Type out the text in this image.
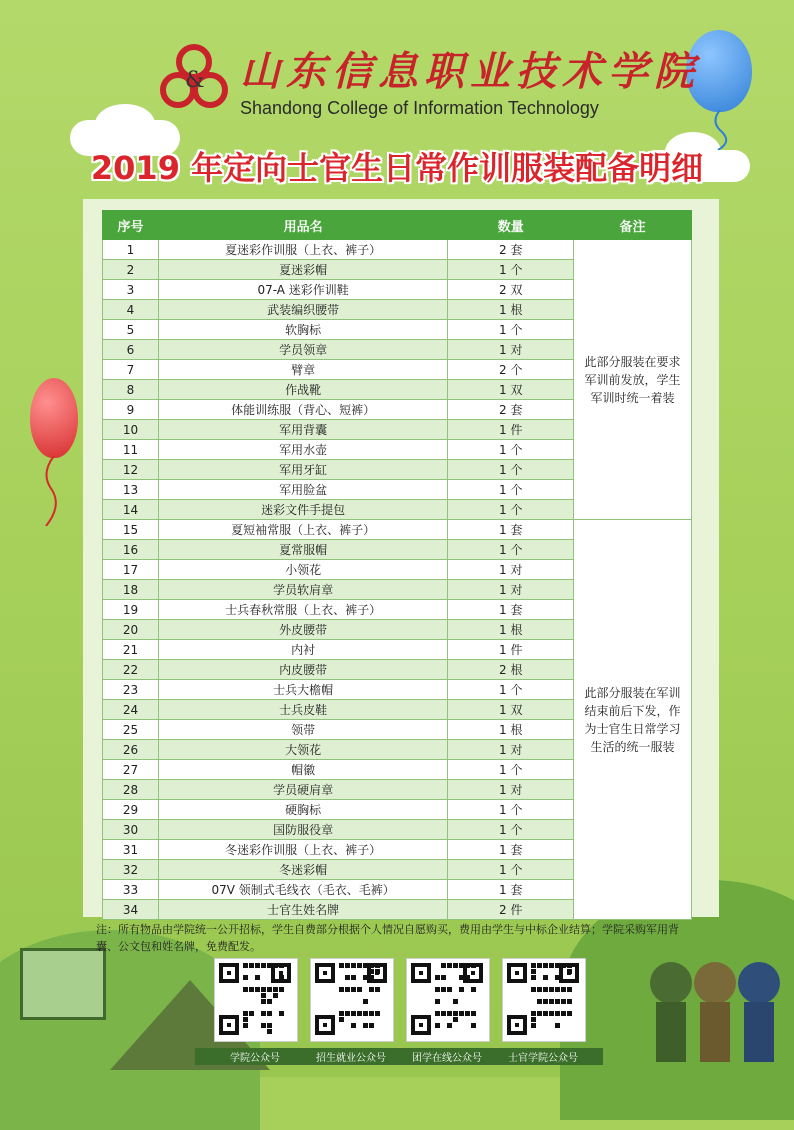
& 山东信息职业技术学院
Shandong College of Information Technology
2019 年定向士官生日常作训服装配备明细
序号	用品名	数量	备注
1	夏迷彩作训服（上衣、裤子）	2 套	此部分服装在要求军训前发放，学生军训时统一着装
2	夏迷彩帽	1 个	
3	07-A 迷彩作训鞋	2 双	
4	武装编织腰带	1 根	
5	软胸标	1 个	
6	学员领章	1 对	
7	臂章	2 个	
8	作战靴	1 双	
9	体能训练服（背心、短裤）	2 套	
10	军用背囊	1 件	
11	军用水壶	1 个	
12	军用牙缸	1 个	
13	军用脸盆	1 个	
14	迷彩文件手提包	1 个	
15	夏短袖常服（上衣、裤子）	1 套	此部分服装在军训结束前后下发，作为士官生日常学习生活的统一服装
16	夏常服帽	1 个	
17	小领花	1 对	
18	学员软肩章	1 对	
19	士兵春秋常服（上衣、裤子）	1 套	
20	外皮腰带	1 根	
21	内衬	1 件	
22	内皮腰带	2 根	
23	士兵大檐帽	1 个	
24	士兵皮鞋	1 双	
25	领带	1 根	
26	大领花	1 对	
27	帽徽	1 个	
28	学员硬肩章	1 对	
29	硬胸标	1 个	
30	国防服役章	1 个	
31	冬迷彩作训服（上衣、裤子）	1 套	
32	冬迷彩帽	1 个	
33	07V 领制式毛线衣（毛衣、毛裤）	1 套	
34	士官生姓名牌	2 件	
注：所有物品由学院统一公开招标，学生自费部分根据个人情况自愿购买，费用由学生与中标企业结算；学院采购军用背囊、公文包和姓名牌，免费配发。
学院公众号	招生就业公众号	团学在线公众号	士官学院公众号
